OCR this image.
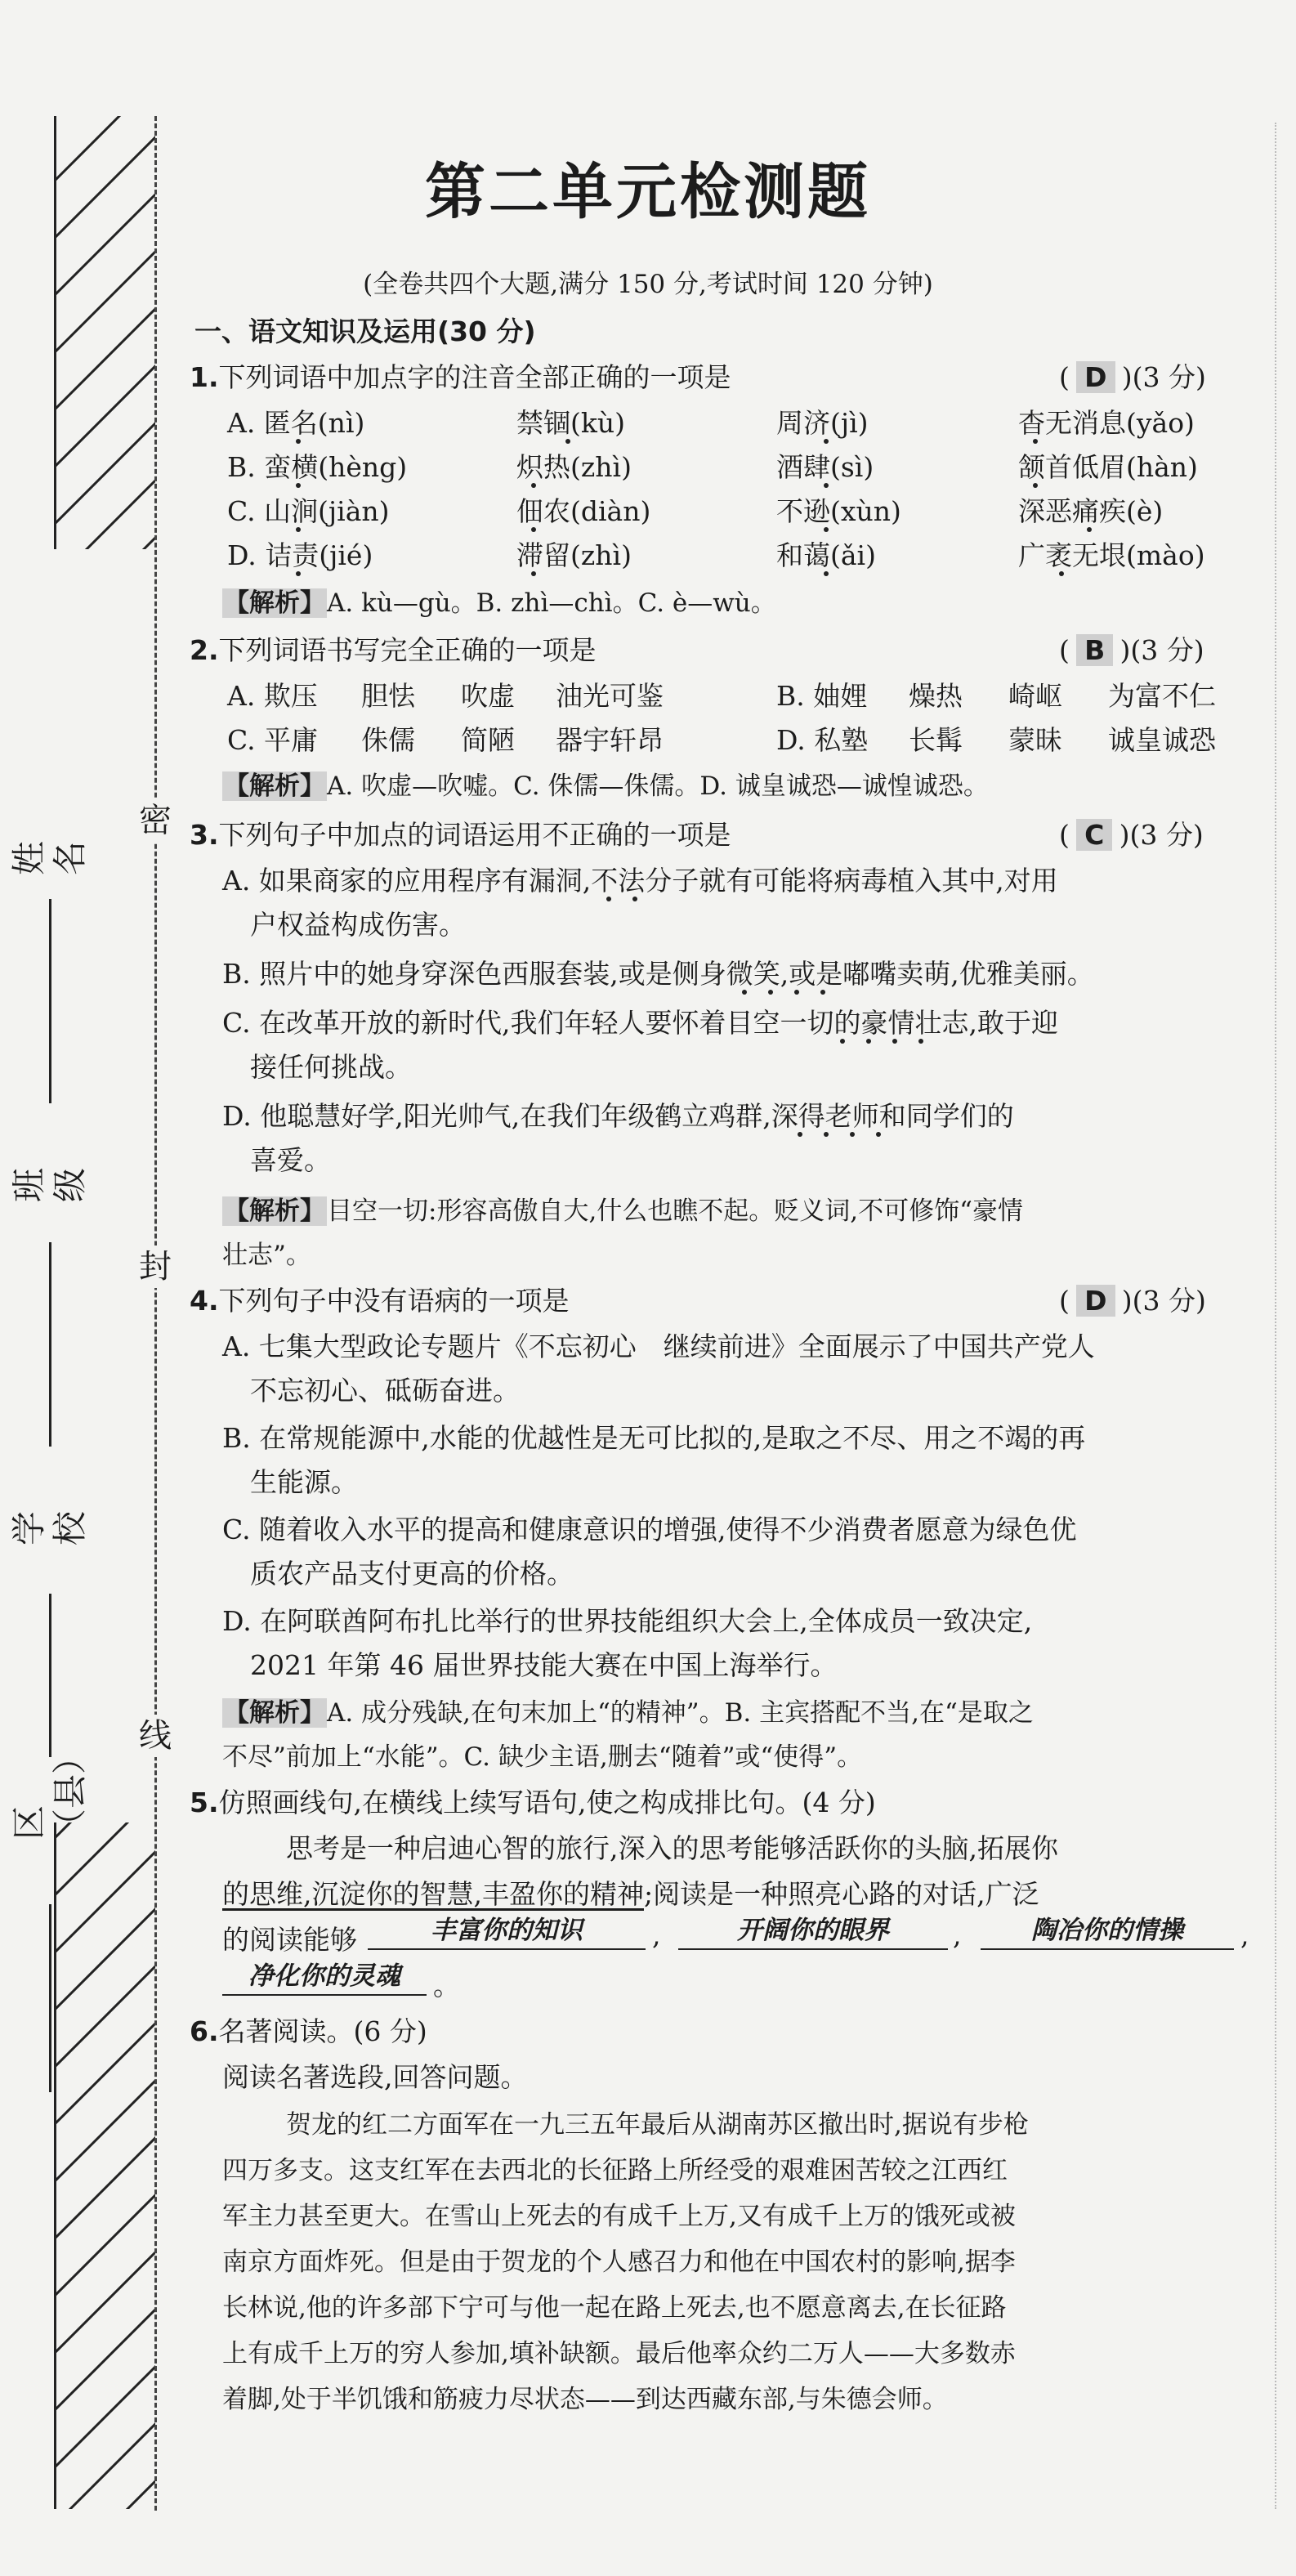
密
封
线
姓名
班级
学校
区（县）
第二单元检测题
(全卷共四个大题,满分 150 分,考试时间 120 分钟)
一、语文知识及运用(30 分)
1.下列词语中加点字的注音全部正确的一项是	( D  )(3 分)
A. 匿名(nì)	禁锢(kù)	周济(jì)	杳无消息(yǎo)
B. 蛮横(hèng)	炽热(zhì)	酒肆(sì)	颔首低眉(hàn)
C. 山涧(jiàn)	佃农(diàn)	不逊(xùn)	深恶痛疾(è)
D. 诘责(jié)	滞留(zhì)	和蔼(ǎi)	广袤无垠(mào)
【解析】A. kù—gù。B. zhì—chì。C. è—wù。
2.下列词语书写完全正确的一项是	( B  )(3 分)
A. 欺压 胆怯 吹虚 油光可鉴	B. 妯娌 燥热 崎岖 为富不仁
C. 平庸 侏儒 简陋 器宇轩昂	D. 私塾 长髯 蒙昧 诚皇诚恐
【解析】A. 吹虚—吹嘘。C. 侏儒—侏儒。D. 诚皇诚恐—诚惶诚恐。
3.下列句子中加点的词语运用不正确的一项是	( C  )(3 分)
A. 如果商家的应用程序有漏洞,不法分子就有可能将病毒植入其中,对用
户权益构成伤害。
B. 照片中的她身穿深色西服套装,或是侧身微笑,或是嘟嘴卖萌,优雅美丽。
C. 在改革开放的新时代,我们年轻人要怀着目空一切的豪情壮志,敢于迎
接任何挑战。
D. 他聪慧好学,阳光帅气,在我们年级鹤立鸡群,深得老师和同学们的
喜爱。
【解析】目空一切:形容高傲自大,什么也瞧不起。贬义词,不可修饰“豪情
壮志”。
4.下列句子中没有语病的一项是	( D  )(3 分)
A. 七集大型政论专题片《不忘初心　继续前进》全面展示了中国共产党人
不忘初心、砥砺奋进。
B. 在常规能源中,水能的优越性是无可比拟的,是取之不尽、用之不竭的再
生能源。
C. 随着收入水平的提高和健康意识的增强,使得不少消费者愿意为绿色优
质农产品支付更高的价格。
D. 在阿联酋阿布扎比举行的世界技能组织大会上,全体成员一致决定,
2021 年第 46 届世界技能大赛在中国上海举行。
【解析】A. 成分残缺,在句末加上“的精神”。B. 主宾搭配不当,在“是取之
不尽”前加上“水能”。C. 缺少主语,删去“随着”或“使得”。
5.仿照画线句,在横线上续写语句,使之构成排比句。(4 分)
思考是一种启迪心智的旅行,深入的思考能够活跃你的头脑,拓展你
的思维,沉淀你的智慧,丰盈你的精神;阅读是一种照亮心路的对话,广泛
的阅读能够	丰富你的知识	,	开阔你的眼界	,	陶冶你的情操	,
净化你的灵魂	。
6.名著阅读。(6 分)
阅读名著选段,回答问题。
贺龙的红二方面军在一九三五年最后从湖南苏区撤出时,据说有步枪
四万多支。这支红军在去西北的长征路上所经受的艰难困苦较之江西红
军主力甚至更大。在雪山上死去的有成千上万,又有成千上万的饿死或被
南京方面炸死。但是由于贺龙的个人感召力和他在中国农村的影响,据李
长林说,他的许多部下宁可与他一起在路上死去,也不愿意离去,在长征路
上有成千上万的穷人参加,填补缺额。最后他率众约二万人——大多数赤
着脚,处于半饥饿和筋疲力尽状态——到达西藏东部,与朱德会师。
